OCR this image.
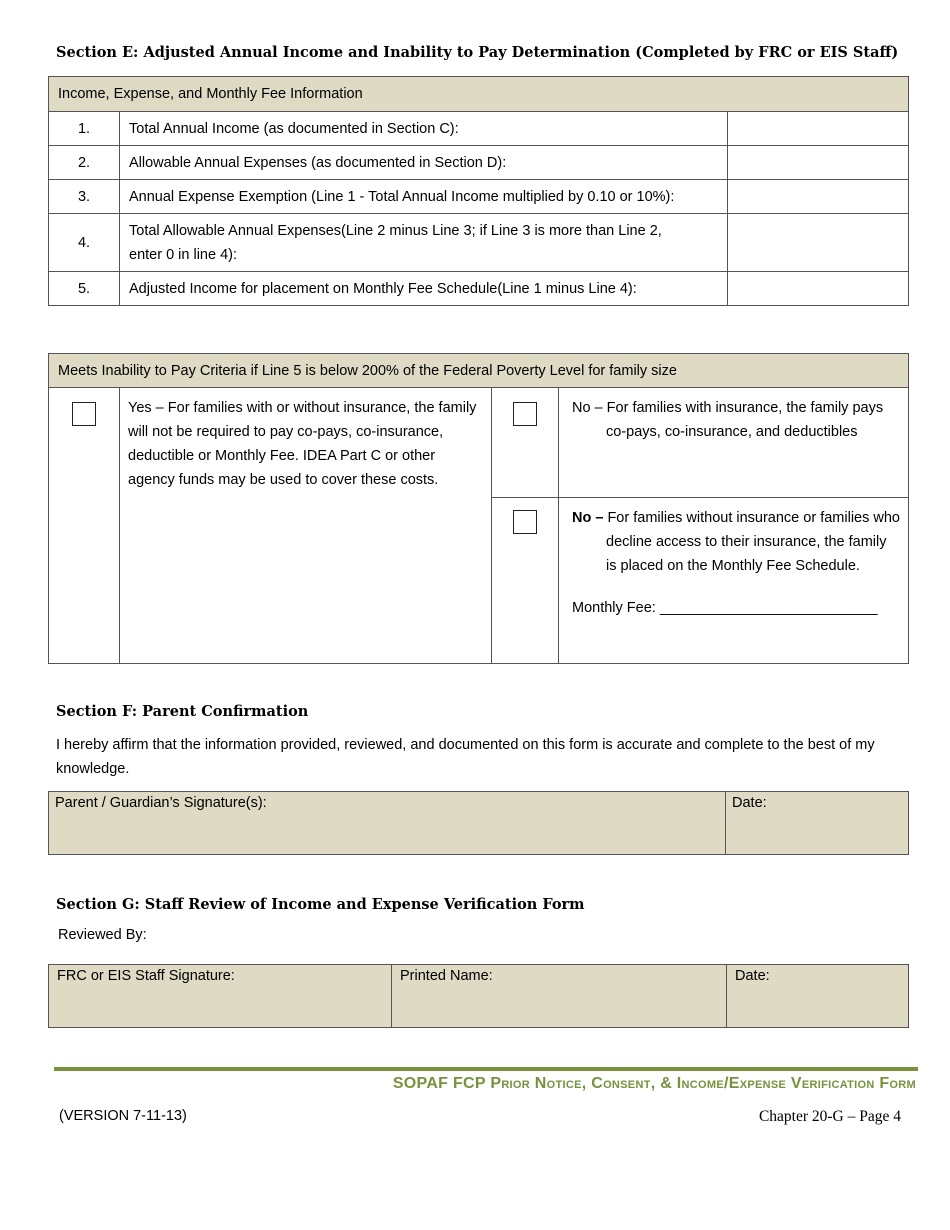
Section E: Adjusted Annual Income and Inability to Pay Determination (Completed by FRC or EIS Staff)
Income, Expense, and Monthly Fee Information		
1.	Total Annual Income (as documented in Section C):	
2.	Allowable Annual Expenses (as documented in Section D):	
3.	Annual Expense Exemption (Line 1 - Total Annual Income multiplied by 0.10 or 10%):	
4.	Total Allowable Annual Expenses(Line 2 minus Line 3; if Line 3 is more than Line 2, enter 0 in line 4):	
5.	Adjusted Income for placement on Monthly Fee Schedule(Line 1 minus Line 4):	
Meets Inability to Pay Criteria if Line 5 is below 200% of the Federal Poverty Level for family size			
	Yes – For families with or without insurance, the family will not be required to pay co-pays, co-insurance, deductible or Monthly Fee. IDEA Part C or other agency funds may be used to cover these costs.		No – For families with insurance, the family pays co-pays, co-insurance, and deductibles

			No – For families without insurance or families who decline access to their insurance, the family is placed on the Monthly Fee Schedule.
Monthly Fee: ___________________________
Section F: Parent Confirmation
I hereby affirm that the information provided, reviewed, and documented on this form is accurate and complete to the best of my knowledge.
Parent / Guardian’s Signature(s):	Date:
Section G: Staff Review of Income and Expense Verification Form
Reviewed By:
FRC or EIS Staff Signature:	Printed Name:	Date:
SOPAF FCP Prior Notice, Consent, & Income/Expense Verification Form
(VERSION 7-11-13)	Chapter 20-G – Page 4
